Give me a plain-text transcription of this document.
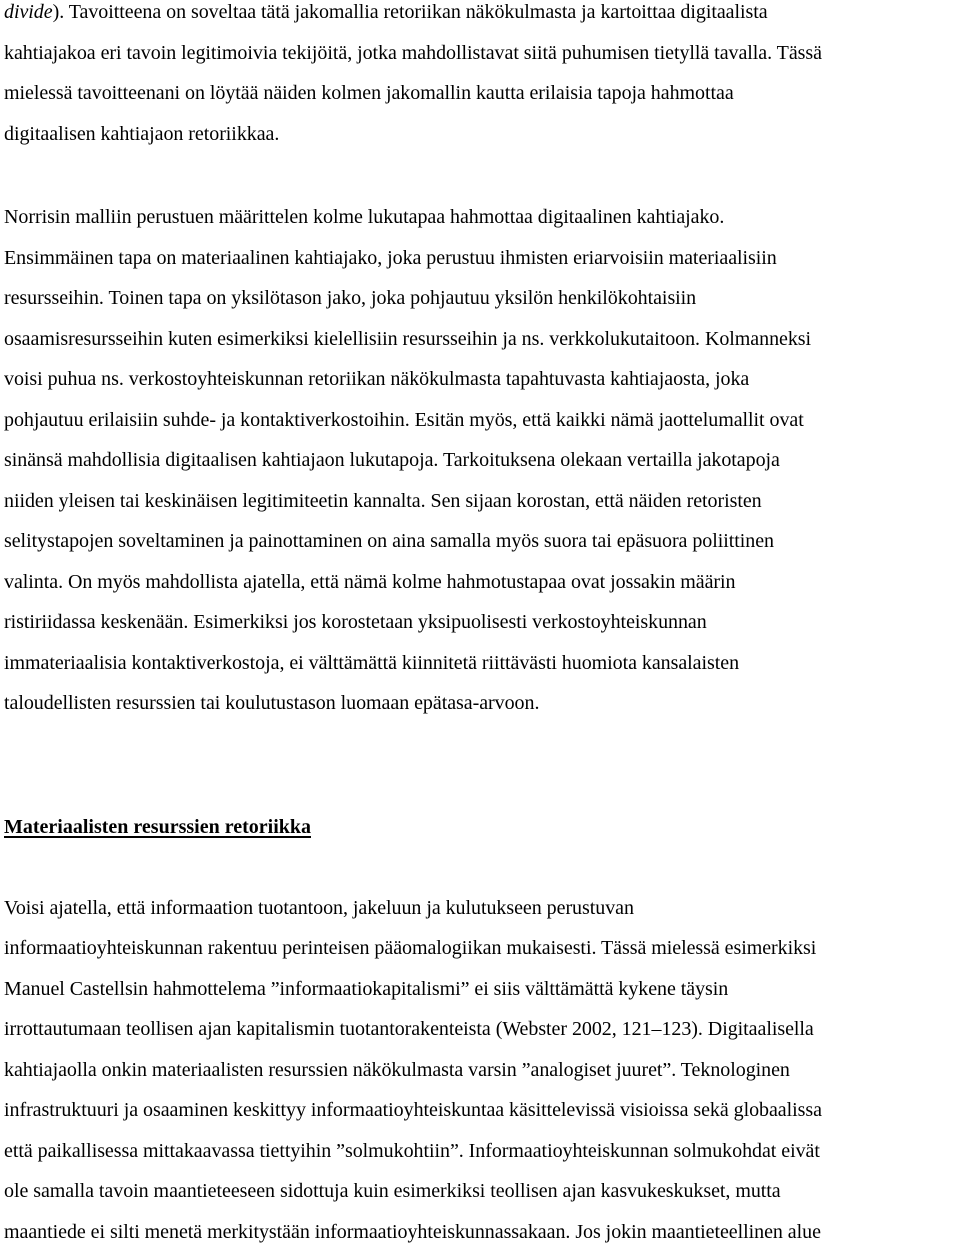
divide). Tavoitteena on soveltaa tätä jakomallia retoriikan näkökulmasta ja kartoittaa digitaalista
kahtiajakoa eri tavoin legitimoivia tekijöitä, jotka mahdollistavat siitä puhumisen tietyllä tavalla. Tässä
mielessä tavoitteenani on löytää näiden kolmen jakomallin kautta erilaisia tapoja hahmottaa
digitaalisen kahtiajaon retoriikkaa.

Norrisin malliin perustuen määrittelen kolme lukutapaa hahmottaa digitaalinen kahtiajako.
Ensimmäinen tapa on materiaalinen kahtiajako, joka perustuu ihmisten eriarvoisiin materiaalisiin
resursseihin. Toinen tapa on yksilötason jako, joka pohjautuu yksilön henkilökohtaisiin
osaamisresursseihin kuten esimerkiksi kielellisiin resursseihin ja ns. verkkolukutaitoon. Kolmanneksi
voisi puhua ns. verkostoyhteiskunnan retoriikan näkökulmasta tapahtuvasta kahtiajaosta, joka
pohjautuu erilaisiin suhde- ja kontaktiverkostoihin. Esitän myös, että kaikki nämä jaottelumallit ovat
sinänsä mahdollisia digitaalisen kahtiajaon lukutapoja. Tarkoituksena olekaan vertailla jakotapoja
niiden yleisen tai keskinäisen legitimiteetin kannalta. Sen sijaan korostan, että näiden retoristen
selitystapojen soveltaminen ja painottaminen on aina samalla myös suora tai epäsuora poliittinen
valinta. On myös mahdollista ajatella, että nämä kolme hahmotustapaa ovat jossakin määrin
ristiriidassa keskenään. Esimerkiksi jos korostetaan yksipuolisesti verkostoyhteiskunnan
immateriaalisia kontaktiverkostoja, ei välttämättä kiinnitetä riittävästi huomiota kansalaisten
taloudellisten resurssien tai koulutustason luomaan epätasa-arvoon.

Materiaalisten resurssien retoriikka

Voisi ajatella, että informaation tuotantoon, jakeluun ja kulutukseen perustuvan
informaatioyhteiskunnan rakentuu perinteisen pääomalogiikan mukaisesti. Tässä mielessä esimerkiksi
Manuel Castellsin hahmottelema ”informaatiokapitalismi” ei siis välttämättä kykene täysin
irrottautumaan teollisen ajan kapitalismin tuotantorakenteista (Webster 2002, 121–123). Digitaalisella
kahtiajaolla onkin materiaalisten resurssien näkökulmasta varsin ”analogiset juuret”. Teknologinen
infrastruktuuri ja osaaminen keskittyy informaatioyhteiskuntaa käsittelevissä visioissa sekä globaalissa
että paikallisessa mittakaavassa tiettyihin ”solmukohtiin”. Informaatioyhteiskunnan solmukohdat eivät
ole samalla tavoin maantieteeseen sidottuja kuin esimerkiksi teollisen ajan kasvukeskukset, mutta
maantiede ei silti menetä merkitystään informaatioyhteiskunnassakaan. Jos jokin maantieteellinen alue
